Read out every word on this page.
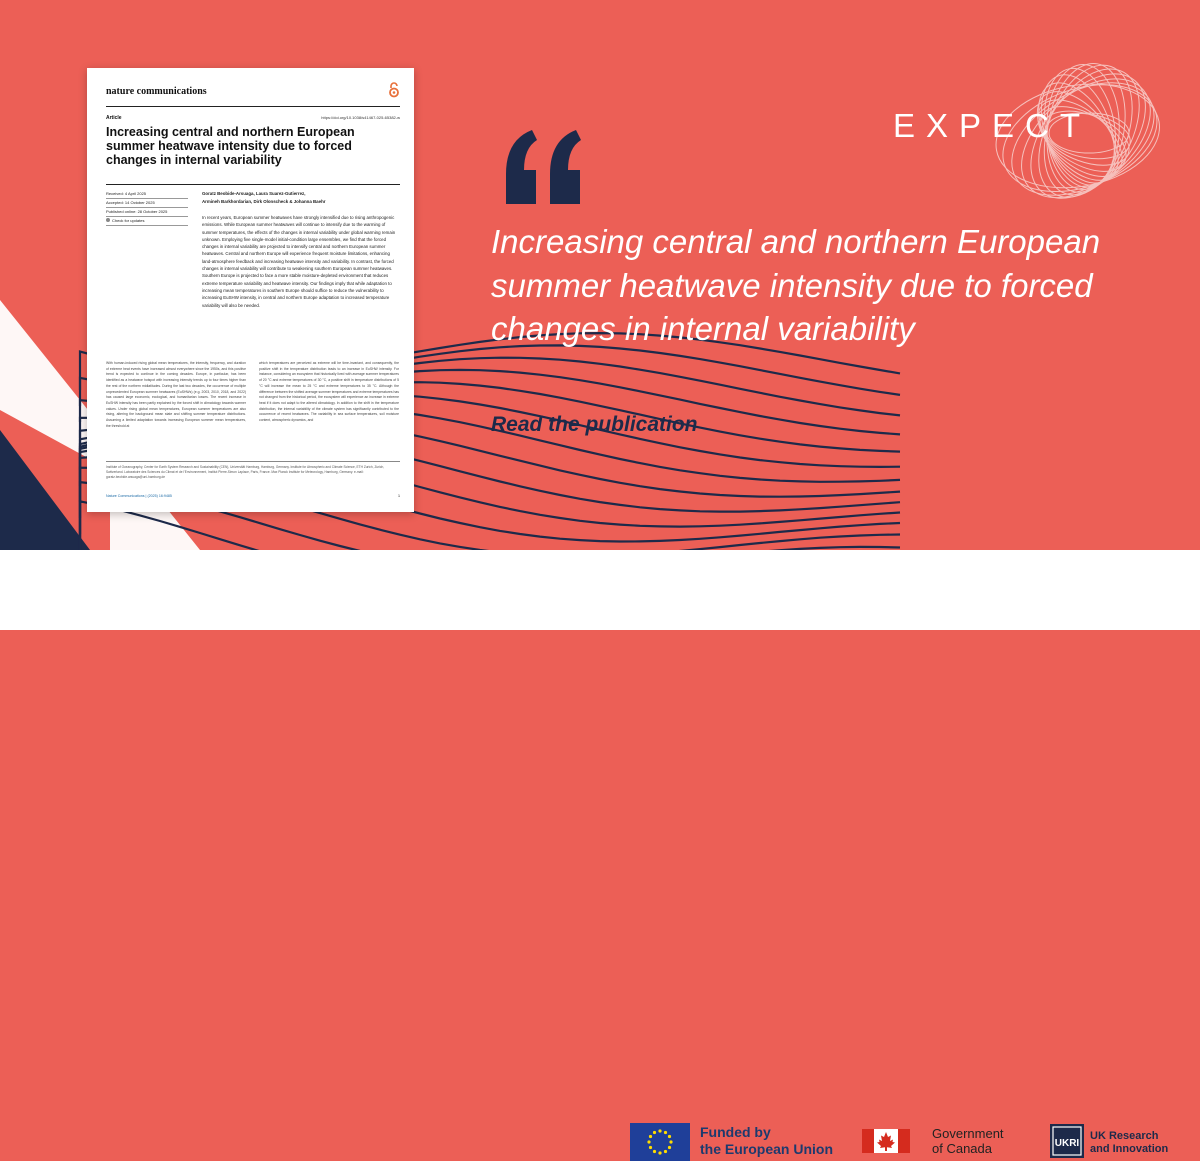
EXPECT
nature communications
Article	https://doi.org/10.1038/s41467-025-65382-w
Increasing central and northern European summer heatwave intensity due to forced changes in internal variability
Received: 4 April 2025
Accepted: 14 October 2025
Published online: 28 October 2025
Check for updates
Goratz Beobide-Arsuaga, Laura Suarez-Gutierrez,
Armineh Barkhordarian, Dirk Olonscheck & Johanna Baehr
In recent years, European summer heatwaves have strongly intensified due to rising anthropogenic emissions. While European summer heatwaves will continue to intensify due to the warming of summer temperatures, the effects of the changes in internal variability under global warming remain unknown. Employing five single-model initial-condition large ensembles, we find that the forced changes in internal variability are projected to intensify central and northern European summer heatwaves. Central and northern Europe will experience frequent moisture limitations, enhancing land-atmosphere feedback and increasing heatwave intensity and variability. In contrast, the forced changes in internal variability will contribute to weakening southern European summer heatwaves. Southern Europe is projected to face a more stable moisture-depleted environment that reduces extreme temperature variability and heatwave intensity. Our findings imply that while adaptation to increasing mean temperatures in southern Europe should suffice to reduce the vulnerability to increasing EuSHW intensity, in central and northern Europe adaptation to increased temperature variability will also be needed.
With human-induced rising global mean temperatures, the intensity, frequency, and duration of extreme heat events have increased almost everywhere since the 1950s, and this positive trend is expected to continue in the coming decades. Europe, in particular, has been identified as a heatwave hotspot with increasing intensity trends up to four times higher than the rest of the northern midlatitudes. During the last two decades, the occurrence of multiple unprecedented European summer heatwaves (EuSHWs) (e.g. 2003, 2010, 2018, and 2022) has caused large economic, ecological, and humanitarian losses. The recent increase in EuSHW intensity has been partly explained by the forced shift in climatology towards warmer values. Under rising global mean temperatures, European summer temperatures are also rising, altering the background mean state and shifting summer temperature distributions. Assuming a limited adaptation towards increasing European summer mean temperatures, the threshold at
which temperatures are perceived as extreme will be time-invariant, and consequently, the positive shift in the temperature distribution leads to an increase in EuSHW intensity. For instance, considering an ecosystem that historically lived with average summer temperatures of 20 °C and extreme temperatures of 30 °C, a positive shift in temperature distributions of 5 °C will increase the mean to 25 °C and extreme temperatures to 35 °C. Although the difference between the shifted average summer temperatures and extreme temperatures has not changed from the historical period, the ecosystem will experience an increase in extreme heat if it does not adapt to the altered climatology. In addition to the shift in the temperature distribution, the internal variability of the climate system has significantly contributed to the occurrence of recent heatwaves. The variability in sea surface temperatures, soil moisture content, atmospheric dynamics, and
Institute of Oceanography, Center for Earth System Research and Sustainability (CEN), Universität Hamburg, Hamburg, Germany. Institute for Atmospheric and Climate Science, ETH Zurich, Zurich, Switzerland. Laboratoire des Sciences du Climat et de l'Environnement, Institut Pierre-Simon Laplace, Paris, France. Max Planck Institute for Meteorology, Hamburg, Germany. e-mail: goratz.beobide.arsuaga@uni-hamburg.de
Nature Communications | (2025) 16:9485	1
Increasing central and northern European summer heatwave intensity due to forced changes in internal variability
Read the publication
Funded by
the European Union
Government
of Canada	UKRI
UK Research
and Innovation
